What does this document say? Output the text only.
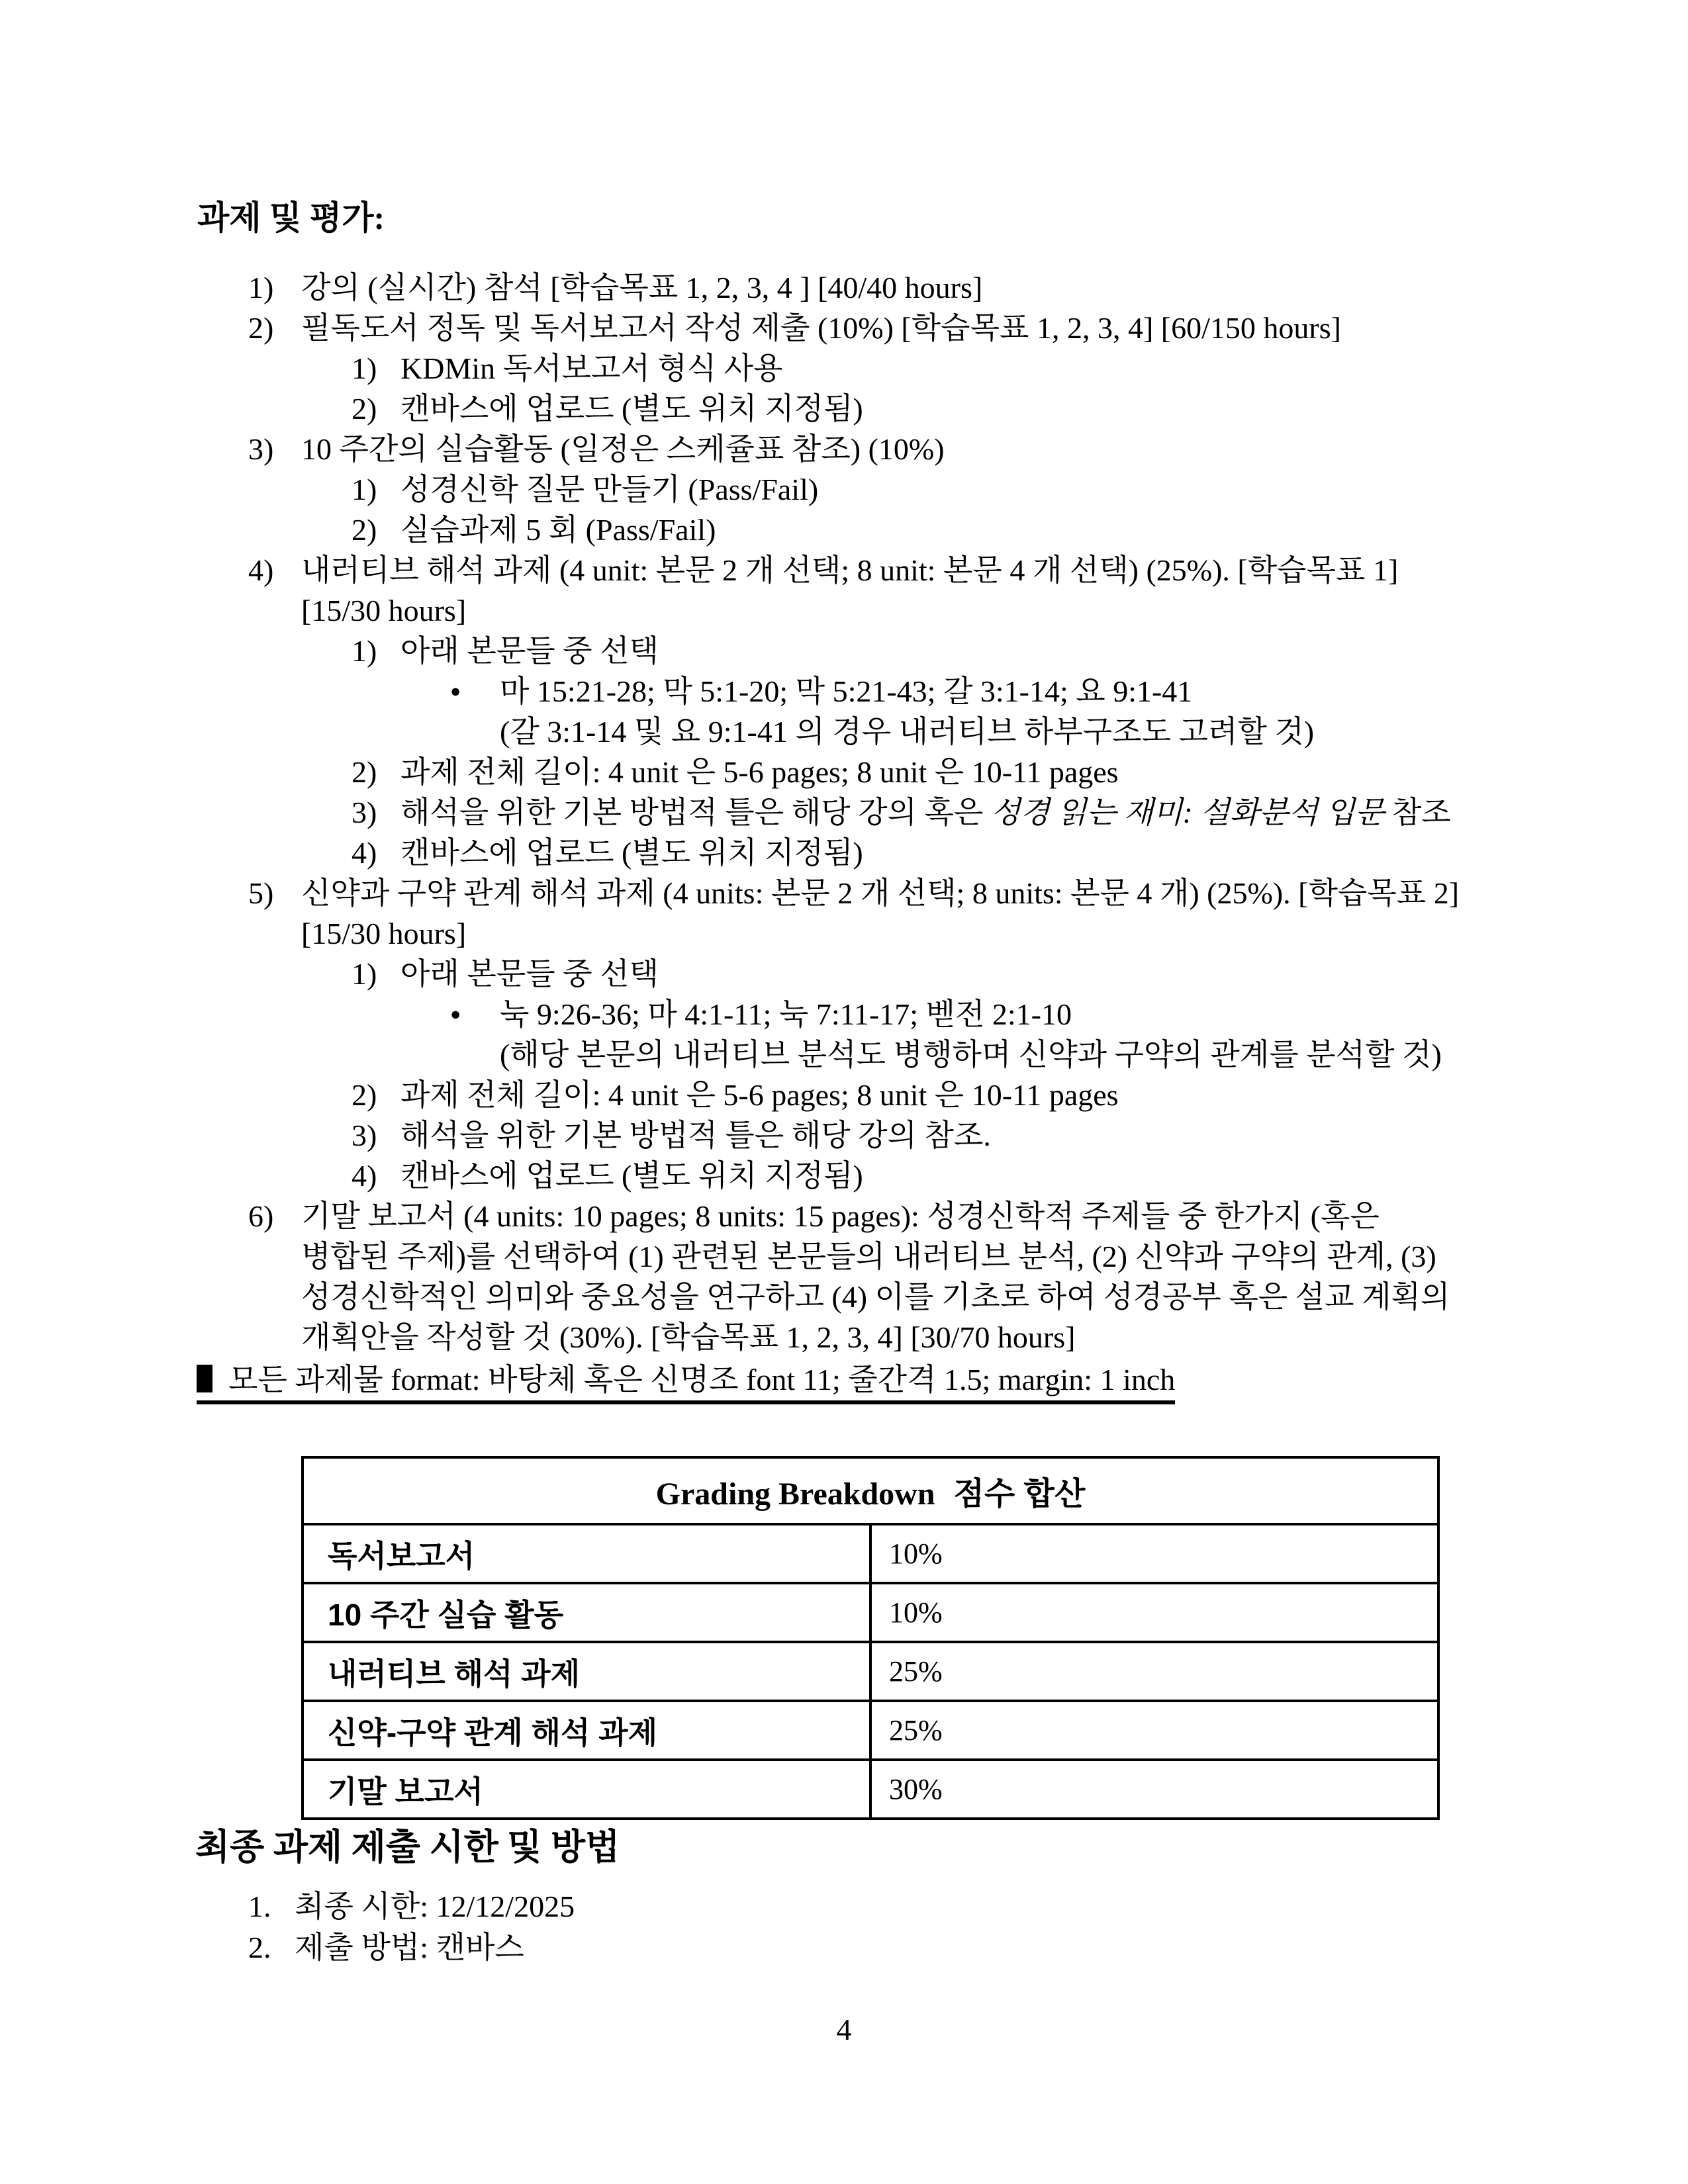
과제 및 평가:
1) 강의 (실시간) 참석 [학습목표 1, 2, 3, 4 ] [40/40 hours]
2) 필독도서 정독 및 독서보고서 작성 제출 (10%) [학습목표 1, 2, 3, 4] [60/150 hours]
1) KDMin 독서보고서 형식 사용
2) 캔바스에 업로드 (별도 위치 지정됨)
3) 10 주간의 실습활동 (일정은 스케쥴표 참조) (10%)
1) 성경신학 질문 만들기 (Pass/Fail)
2) 실습과제 5 회 (Pass/Fail)
4) 내러티브 해석 과제 (4 unit: 본문 2 개 선택; 8 unit: 본문 4 개 선택) (25%). [학습목표 1]
[15/30 hours]
1) 아래 본문들 중 선택
● 마 15:21-28; 막 5:1-20; 막 5:21-43; 갈 3:1-14; 요 9:1-41
(갈 3:1-14 및 요 9:1-41 의 경우 내러티브 하부구조도 고려할 것)
2) 과제 전체 길이: 4 unit 은 5-6 pages; 8 unit 은 10-11 pages
3) 해석을 위한 기본 방법적 틀은 해당 강의 혹은 성경 읽는 재미: 설화분석 입문 참조
4) 캔바스에 업로드 (별도 위치 지정됨)
5) 신약과 구약 관계 해석 과제 (4 units: 본문 2 개 선택; 8 units: 본문 4 개) (25%). [학습목표 2]
[15/30 hours]
1) 아래 본문들 중 선택
● 눅 9:26-36; 마 4:1-11; 눅 7:11-17; 벧전 2:1-10
(해당 본문의 내러티브 분석도 병행하며 신약과 구약의 관계를 분석할 것)
2) 과제 전체 길이: 4 unit 은 5-6 pages; 8 unit 은 10-11 pages
3) 해석을 위한 기본 방법적 틀은 해당 강의 참조.
4) 캔바스에 업로드 (별도 위치 지정됨)
6) 기말 보고서 (4 units: 10 pages; 8 units: 15 pages): 성경신학적 주제들 중 한가지 (혹은
병합된 주제)를 선택하여 (1) 관련된 본문들의 내러티브 분석, (2) 신약과 구약의 관계, (3)
성경신학적인 의미와 중요성을 연구하고 (4) 이를 기초로 하여 성경공부 혹은 설교 계획의
개획안을 작성할 것 (30%). [학습목표 1, 2, 3, 4] [30/70 hours]
모든 과제물 format: 바탕체 혹은 신명조 font 11; 줄간격 1.5; margin: 1 inch
Grading Breakdown 점수 합산	
독서보고서	10%
10 주간 실습 활동	10%
내러티브 해석 과제	25%
신약-구약 관계 해석 과제	25%
기말 보고서	30%
최종 과제 제출 시한 및 방법
1. 최종 시한: 12/12/2025
2. 제출 방법: 캔바스
4
